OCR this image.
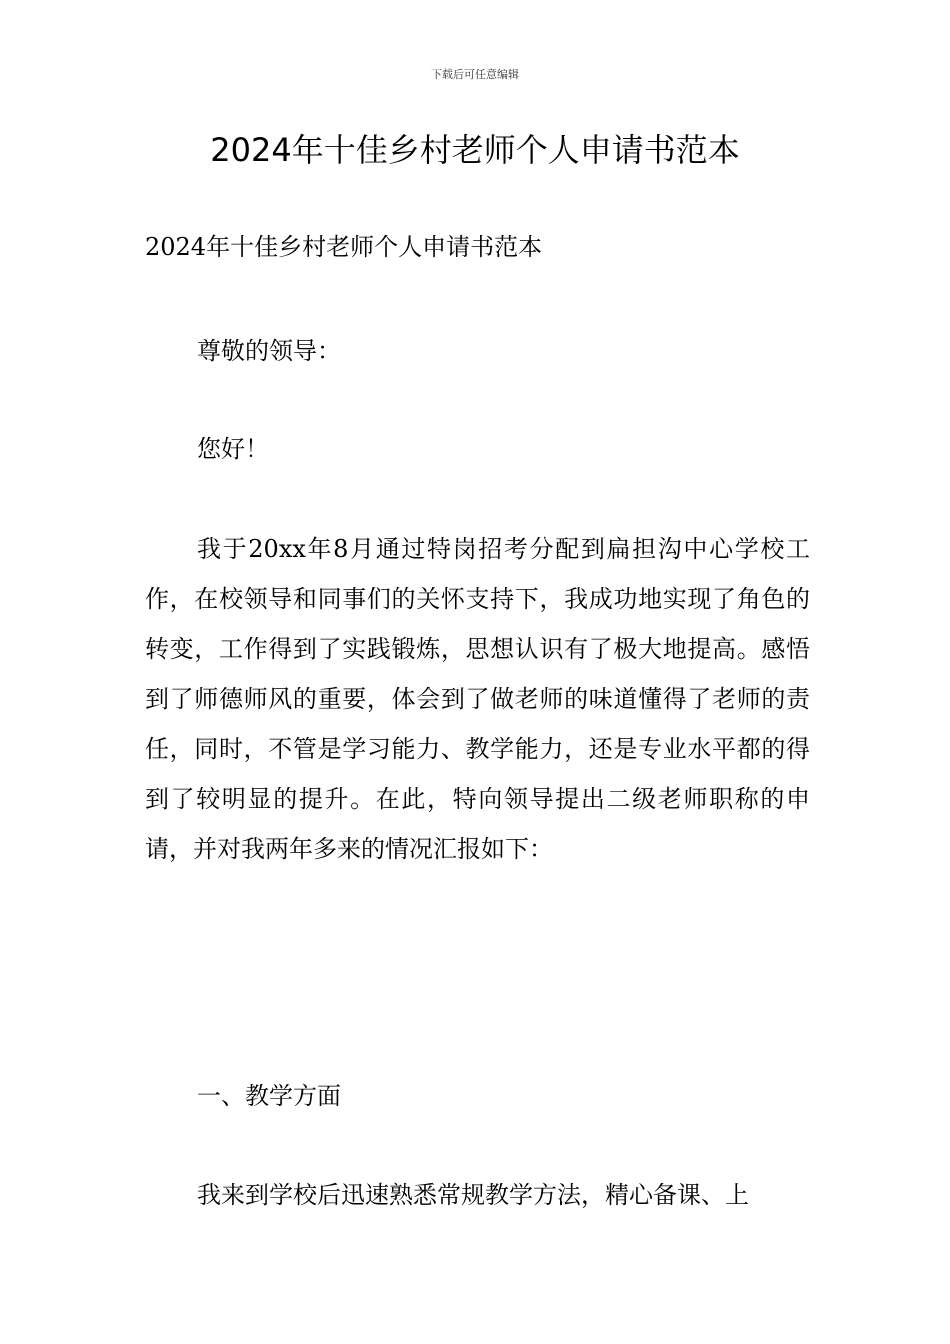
下载后可任意编辑
2024年十佳乡村老师个人申请书范本

2024年十佳乡村老师个人申请书范本

尊敬的领导：

您好！

我于20xx年8月通过特岗招考分配到扁担沟中心学校工作，在校领导和同事们的关怀支持下，我成功地实现了角色的转变，工作得到了实践锻炼，思想认识有了极大地提高。感悟到了师德师风的重要，体会到了做老师的味道懂得了老师的责任，同时，不管是学习能力、教学能力，还是专业水平都的得到了较明显的提升。在此，特向领导提出二级老师职称的申请，并对我两年多来的情况汇报如下：

一、教学方面

我来到学校后迅速熟悉常规教学方法，精心备课、上
